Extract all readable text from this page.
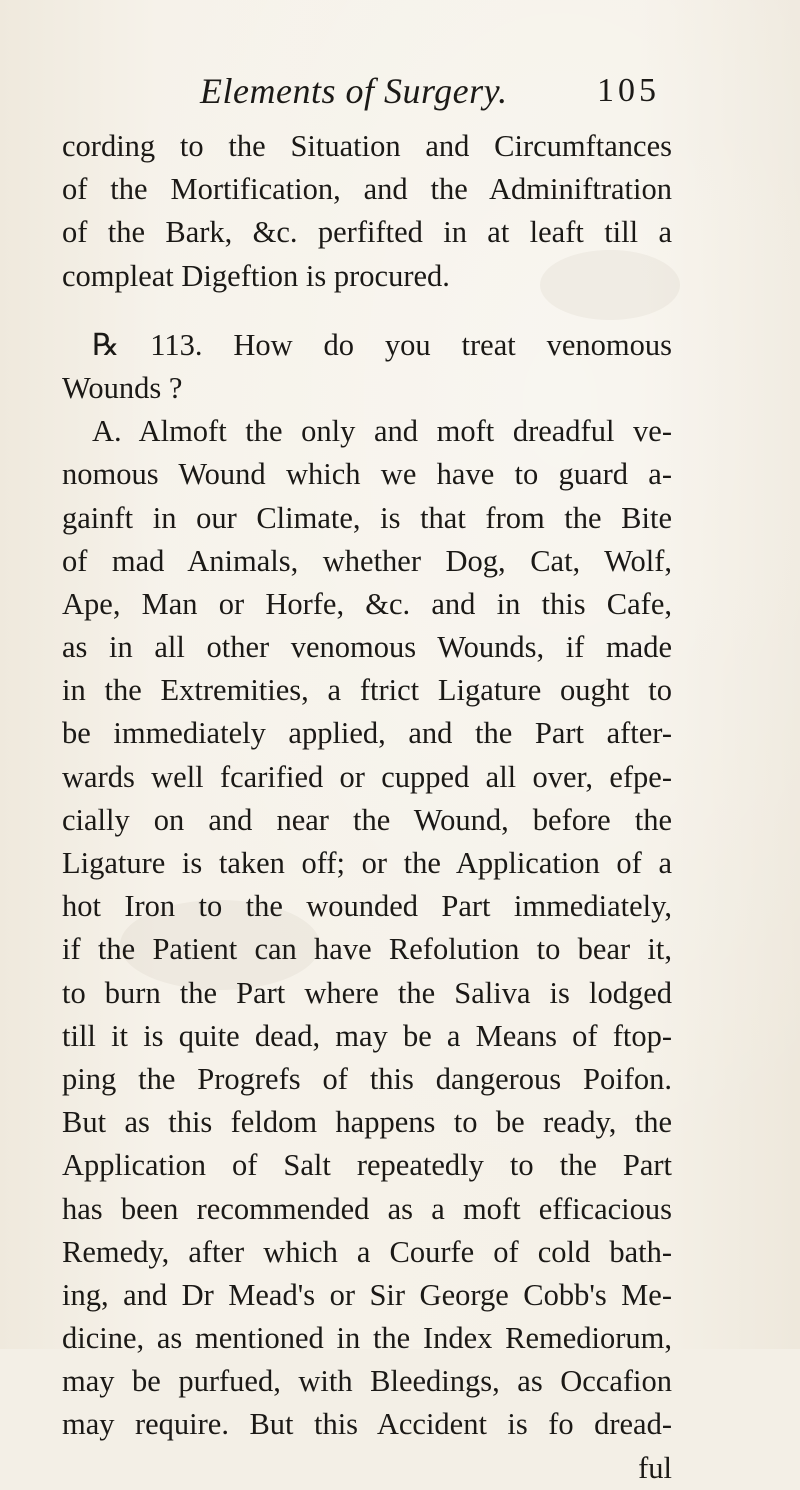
Elements of Surgery.	105
cording to the Situation and Circumftances
of the Mortification, and the Adminiftration
of the Bark, &c. perfifted in at leaft till a
compleat Digeftion is procured.
℞ 113. How do you treat venomous
Wounds ?
A. Almoft the only and moft dreadful ve-
nomous Wound which we have to guard a-
gainft in our Climate, is that from the Bite
of mad Animals, whether Dog, Cat, Wolf,
Ape, Man or Horfe, &c. and in this Cafe,
as in all other venomous Wounds, if made
in the Extremities, a ftrict Ligature ought to
be immediately applied, and the Part after-
wards well fcarified or cupped all over, efpe-
cially on and near the Wound, before the
Ligature is taken off; or the Application of a
hot Iron to the wounded Part immediately,
if the Patient can have Refolution to bear it,
to burn the Part where the Saliva is lodged
till it is quite dead, may be a Means of ftop-
ping the Progrefs of this dangerous Poifon.
But as this feldom happens to be ready, the
Application of Salt repeatedly to the Part
has been recommended as a moft efficacious
Remedy, after which a Courfe of cold bath-
ing, and Dr Mead's or Sir George Cobb's Me-
dicine, as mentioned in the Index Remediorum,
may be purfued, with Bleedings, as Occafion
may require. But this Accident is fo dread-
ful
